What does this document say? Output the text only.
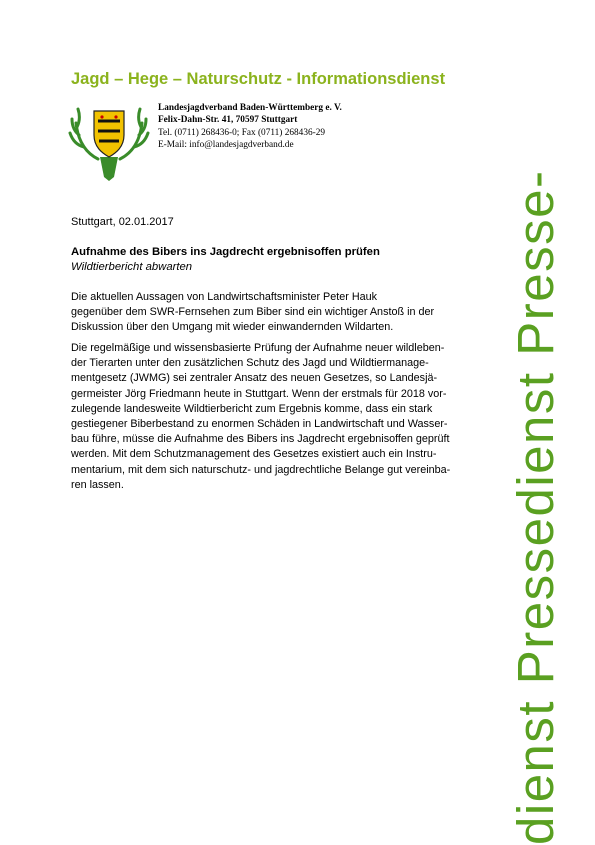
Jagd – Hege – Naturschutz - Informationsdienst
Landesjagdverband Baden-Württemberg e. V.
Felix-Dahn-Str. 41, 70597 Stuttgart
Tel. (0711) 268436-0; Fax (0711) 268436-29
E-Mail: info@landesjagdverband.de
Stuttgart, 02.01.2017
Aufnahme des Bibers ins Jagdrecht ergebnisoffen prüfen
Wildtierbericht abwarten
Die aktuellen Aussagen von Landwirtschaftsminister Peter Hauk
gegenüber dem SWR-Fernsehen zum Biber sind ein wichtiger Anstoß in der
Diskussion über den Umgang mit wieder einwandernden Wildarten.
Die regelmäßige und wissensbasierte Prüfung der Aufnahme neuer wildleben-
der Tierarten unter den zusätzlichen Schutz des Jagd und Wildtiermanage-
mentgesetz (JWMG) sei zentraler Ansatz des neuen Gesetzes, so Landesjä-
germeister Jörg Friedmann heute in Stuttgart. Wenn der erstmals für 2018 vor-
zulegende landesweite Wildtierbericht zum Ergebnis komme, dass ein stark
gestiegener Biberbestand zu enormen Schäden in Landwirtschaft und Wasser-
bau führe, müsse die Aufnahme des Bibers ins Jagdrecht ergebnisoffen geprüft
werden. Mit dem Schutzmanagement des Gesetzes existiert auch ein Instru-
mentarium, mit dem sich naturschutz- und jagdrechtliche Belange gut vereinba-
ren lassen.	dienst Pressedienst Presse-
